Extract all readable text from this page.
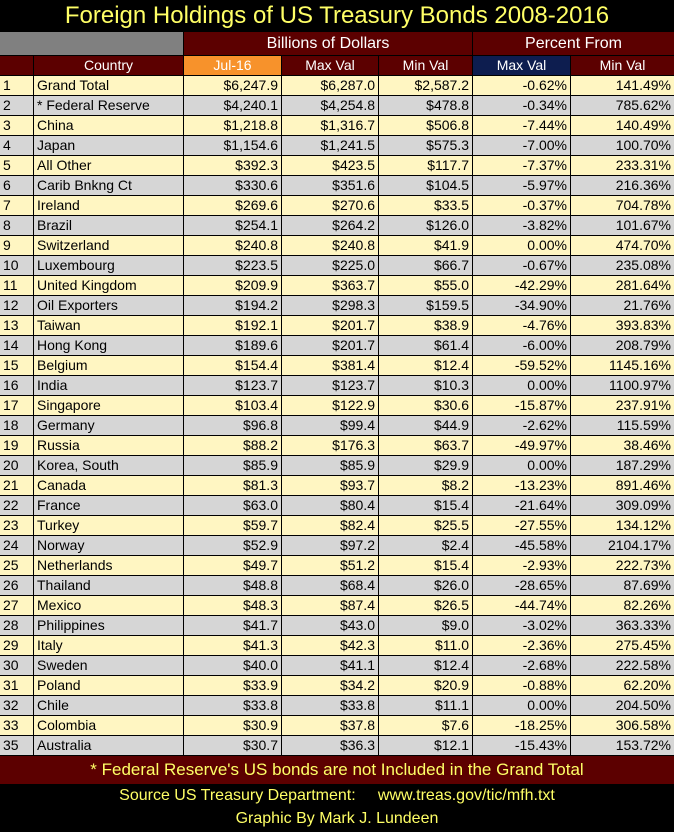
Foreign Holdings of US Treasury Bonds 2008-2016
Billions of Dollars	Percent From
Country	Jul-16	Max Val	Min Val	Max Val	Min Val
1	Grand Total	$6,247.9	$6,287.0	$2,587.2	-0.62%	141.49%
2	* Federal Reserve	$4,240.1	$4,254.8	$478.8	-0.34%	785.62%
3	China	$1,218.8	$1,316.7	$506.8	-7.44%	140.49%
4	Japan	$1,154.6	$1,241.5	$575.3	-7.00%	100.70%
5	All Other	$392.3	$423.5	$117.7	-7.37%	233.31%
6	Carib Bnkng Ct	$330.6	$351.6	$104.5	-5.97%	216.36%
7	Ireland	$269.6	$270.6	$33.5	-0.37%	704.78%
8	Brazil	$254.1	$264.2	$126.0	-3.82%	101.67%
9	Switzerland	$240.8	$240.8	$41.9	0.00%	474.70%
10	Luxembourg	$223.5	$225.0	$66.7	-0.67%	235.08%
11	United Kingdom	$209.9	$363.7	$55.0	-42.29%	281.64%
12	Oil Exporters	$194.2	$298.3	$159.5	-34.90%	21.76%
13	Taiwan	$192.1	$201.7	$38.9	-4.76%	393.83%
14	Hong Kong	$189.6	$201.7	$61.4	-6.00%	208.79%
15	Belgium	$154.4	$381.4	$12.4	-59.52%	1145.16%
16	India	$123.7	$123.7	$10.3	0.00%	1100.97%
17	Singapore	$103.4	$122.9	$30.6	-15.87%	237.91%
18	Germany	$96.8	$99.4	$44.9	-2.62%	115.59%
19	Russia	$88.2	$176.3	$63.7	-49.97%	38.46%
20	Korea, South	$85.9	$85.9	$29.9	0.00%	187.29%
21	Canada	$81.3	$93.7	$8.2	-13.23%	891.46%
22	France	$63.0	$80.4	$15.4	-21.64%	309.09%
23	Turkey	$59.7	$82.4	$25.5	-27.55%	134.12%
24	Norway	$52.9	$97.2	$2.4	-45.58%	2104.17%
25	Netherlands	$49.7	$51.2	$15.4	-2.93%	222.73%
26	Thailand	$48.8	$68.4	$26.0	-28.65%	87.69%
27	Mexico	$48.3	$87.4	$26.5	-44.74%	82.26%
28	Philippines	$41.7	$43.0	$9.0	-3.02%	363.33%
29	Italy	$41.3	$42.3	$11.0	-2.36%	275.45%
30	Sweden	$40.0	$41.1	$12.4	-2.68%	222.58%
31	Poland	$33.9	$34.2	$20.9	-0.88%	62.20%
32	Chile	$33.8	$33.8	$11.1	0.00%	204.50%
33	Colombia	$30.9	$37.8	$7.6	-18.25%	306.58%
35	Australia	$30.7	$36.3	$12.1	-15.43%	153.72%
* Federal Reserve's US bonds are not Included in the Grand Total
Source US Treasury Department: www.treas.gov/tic/mfh.txt
Graphic By Mark J. Lundeen
